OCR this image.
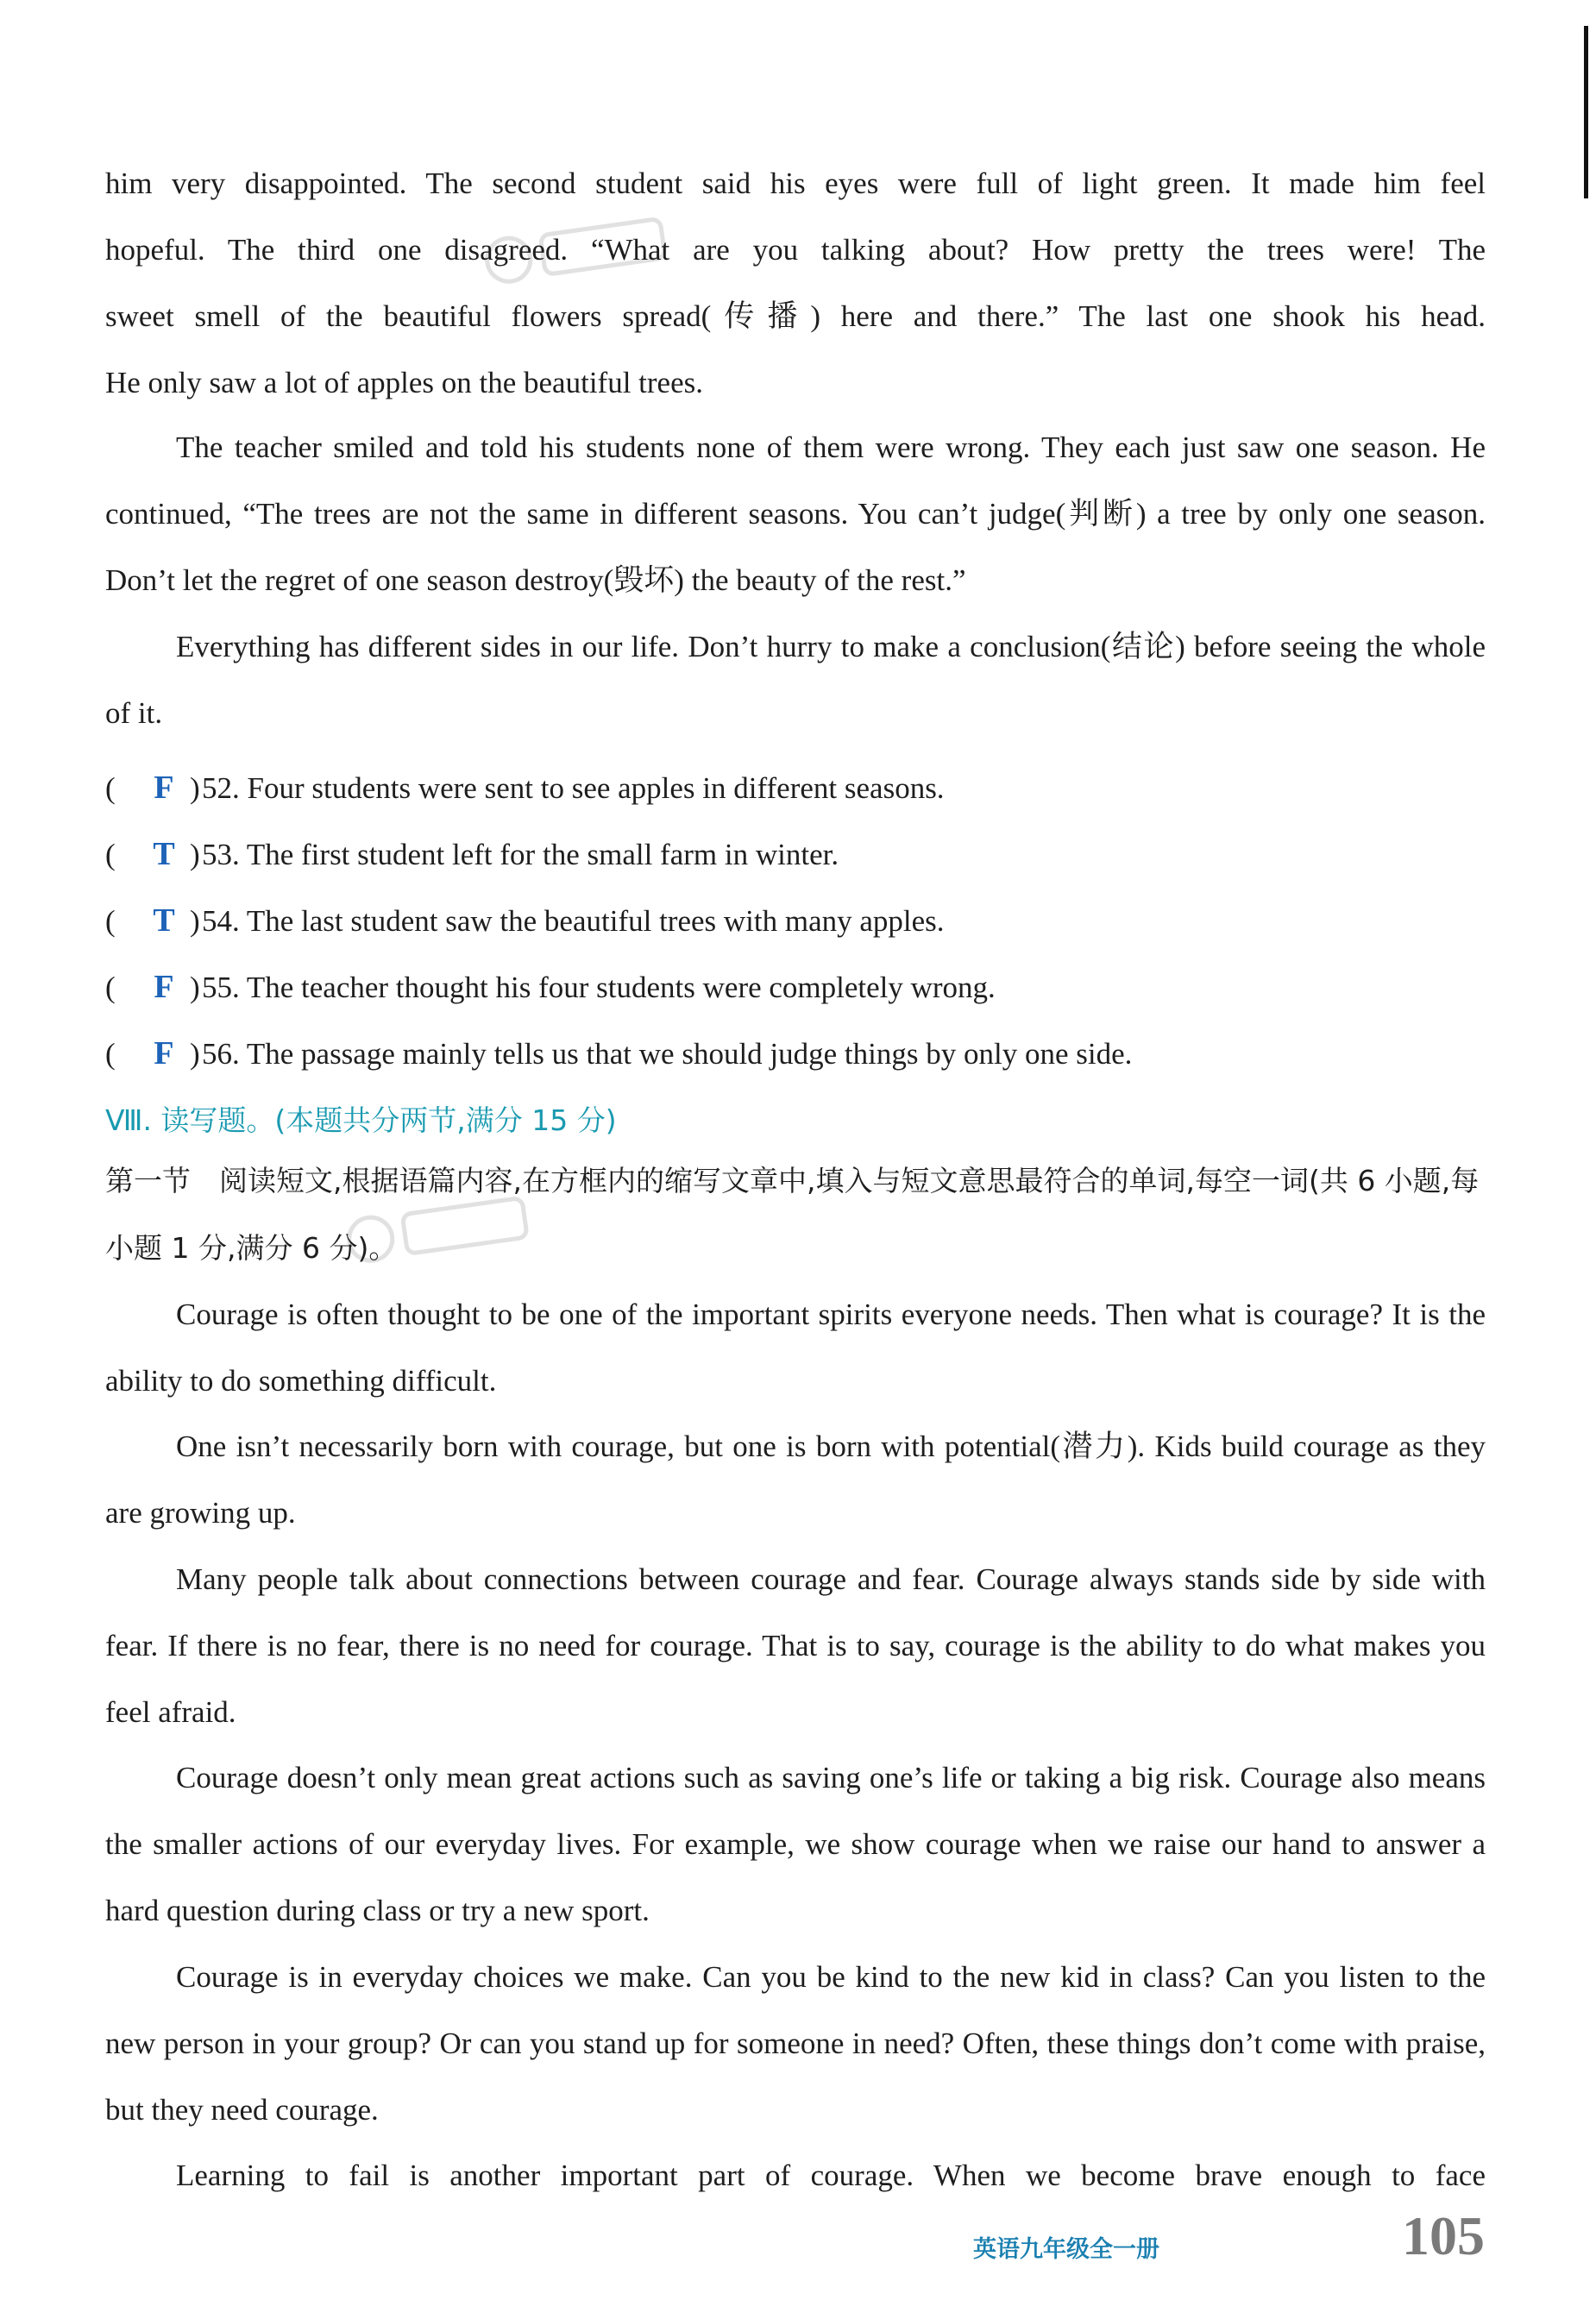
him very disappointed. The second student said his eyes were full of light green. It made him feel
hopeful. The third one disagreed. “What are you talking about? How pretty the trees were! The
sweet smell of the beautiful flowers spread(传播) here and there.” The last one shook his head.
He only saw a lot of apples on the beautiful trees.
The teacher smiled and told his students none of them were wrong. They each just saw one season. He continued, “The trees are not the same in different seasons. You can’t judge(判断) a tree by only one season. Don’t let the regret of one season destroy(毁坏) the beauty of the rest.”
Everything has different sides in our life. Don’t hurry to make a conclusion(结论) before seeing the whole of it.
( F )52. Four students were sent to see apples in different seasons.
( T )53. The first student left for the small farm in winter.
( T )54. The last student saw the beautiful trees with many apples.
( F )55. The teacher thought his four students were completely wrong.
( F )56. The passage mainly tells us that we should judge things by only one side.
Ⅷ. 读写题。(本题共分两节,满分 15 分)
第一节　阅读短文,根据语篇内容,在方框内的缩写文章中,填入与短文意思最符合的单词,每空一词(共 6 小题,每小题 1 分,满分 6 分)。
Courage is often thought to be one of the important spirits everyone needs. Then what is courage? It is the ability to do something difficult.
One isn’t necessarily born with courage, but one is born with potential(潜力). Kids build courage as they are growing up.
Many people talk about connections between courage and fear. Courage always stands side by side with fear. If there is no fear, there is no need for courage. That is to say, courage is the ability to do what makes you feel afraid.
Courage doesn’t only mean great actions such as saving one’s life or taking a big risk. Courage also means the smaller actions of our everyday lives. For example, we show courage when we raise our hand to answer a hard question during class or try a new sport.
Courage is in everyday choices we make. Can you be kind to the new kid in class? Can you listen to the new person in your group? Or can you stand up for someone in need? Often, these things don’t come with praise, but they need courage.
Learning to fail is another important part of courage. When we become brave enough to face
英语九年级全一册	105
